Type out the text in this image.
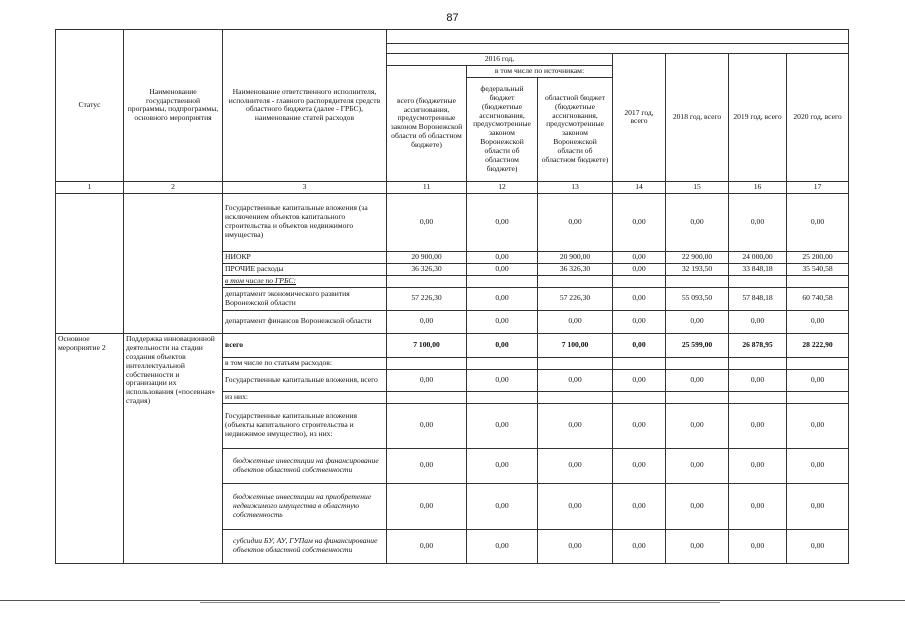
87
Статус	Наименование государственной программы, подпрограммы, основного мероприятия	Наименование ответственного исполнителя, исполнителя - главного распорядителя средств областного бюджета (далее - ГРБС), наименование статей расходов							

			2016 год,			2017 год, всего	2018 год, всего	2019 год, всего	2020 год, всего
			всего (бюджетные ассигнования, предусмотренные законом Воронежской области об областном бюджете)	в том числе по источникам:					
				федеральный бюджет (бюджетные ассигнования, предусмотренные законом Воронежской области об областном бюджете)	областной бюджет (бюджетные ассигнования, предусмотренные законом Воронежской области об областном бюджете)				
1	2	3	11	12	13	14	15	16	17
		Государственные капитальные вложения (за исключением объектов капитального строительства и объектов недвижимого имущества)	0,00	0,00	0,00	0,00	0,00	0,00	0,00
		НИОКР	20 900,00	0,00	20 900,00	0,00	22 900,00	24 000,00	25 200,00
		ПРОЧИЕ расходы	36 326,30	0,00	36 326,30	0,00	32 193,50	33 848,18	35 540,58
		в том числе по ГРБС:							
		департамент экономического развития Воронежской области	57 226,30	0,00	57 226,30	0,00	55 093,50	57 848,18	60 740,58
		департамент финансов Воронежской области	0,00	0,00	0,00	0,00	0,00	0,00	0,00
Основное мероприятие 2	Поддержка инновационной деятельности на стадии создания объектов интеллектуальной собственности и организации их использования («посевная» стадия)	всего	7 100,00	0,00	7 100,00	0,00	25 599,00	26 878,95	28 222,90
		в том числе по статьям расходов:							
		Государственные капитальные вложения, всего	0,00	0,00	0,00	0,00	0,00	0,00	0,00
		из них:							
		Государственные капитальные вложения (объекты капитального строительства и недвижимое имущество), из них:	0,00	0,00	0,00	0,00	0,00	0,00	0,00
		бюджетные инвестиции на финансирование объектов областной собственности	0,00	0,00	0,00	0,00	0,00	0,00	0,00
		бюджетные инвестиции на приобретение недвижимого имущества в областную собственность	0,00	0,00	0,00	0,00	0,00	0,00	0,00
		субсидии БУ, АУ, ГУПам на финансирование объектов областной собственности	0,00	0,00	0,00	0,00	0,00	0,00	0,00
